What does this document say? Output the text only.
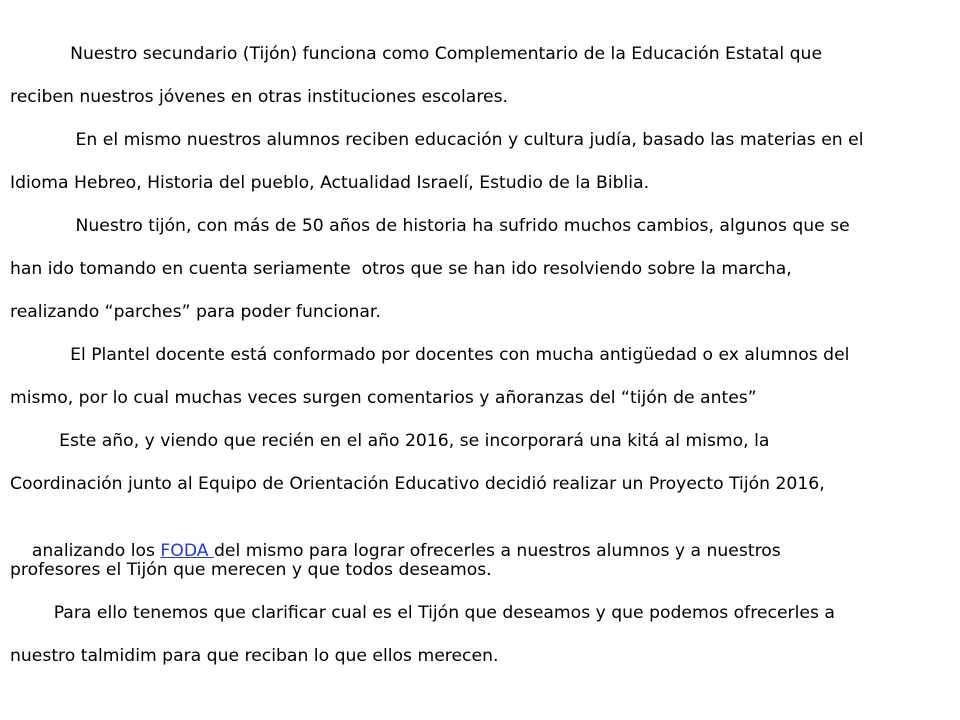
Nuestro secundario (Tijón) funciona como Complementario de la Educación Estatal que
reciben nuestros jóvenes en otras instituciones escolares.
En el mismo nuestros alumnos reciben educación y cultura judía, basado las materias en el
Idioma Hebreo, Historia del pueblo, Actualidad Israelí, Estudio de la Biblia.
Nuestro tijón, con más de 50 años de historia ha sufrido muchos cambios, algunos que se
han ido tomando en cuenta seriamente  otros que se han ido resolviendo sobre la marcha,
realizando “parches” para poder funcionar.
El Plantel docente está conformado por docentes con mucha antigüedad o ex alumnos del
mismo, por lo cual muchas veces surgen comentarios y añoranzas del “tijón de antes”
Este año, y viendo que recién en el año 2016, se incorporará una kitá al mismo, la
Coordinación junto al Equipo de Orientación Educativo decidió realizar un Proyecto Tijón 2016,

analizando los FODA del mismo para lograr ofrecerles a nuestros alumnos y a nuestros

profesores el Tijón que merecen y que todos deseamos.
Para ello tenemos que clarificar cual es el Tijón que deseamos y que podemos ofrecerles a
nuestro talmidim para que reciban lo que ellos merecen.
